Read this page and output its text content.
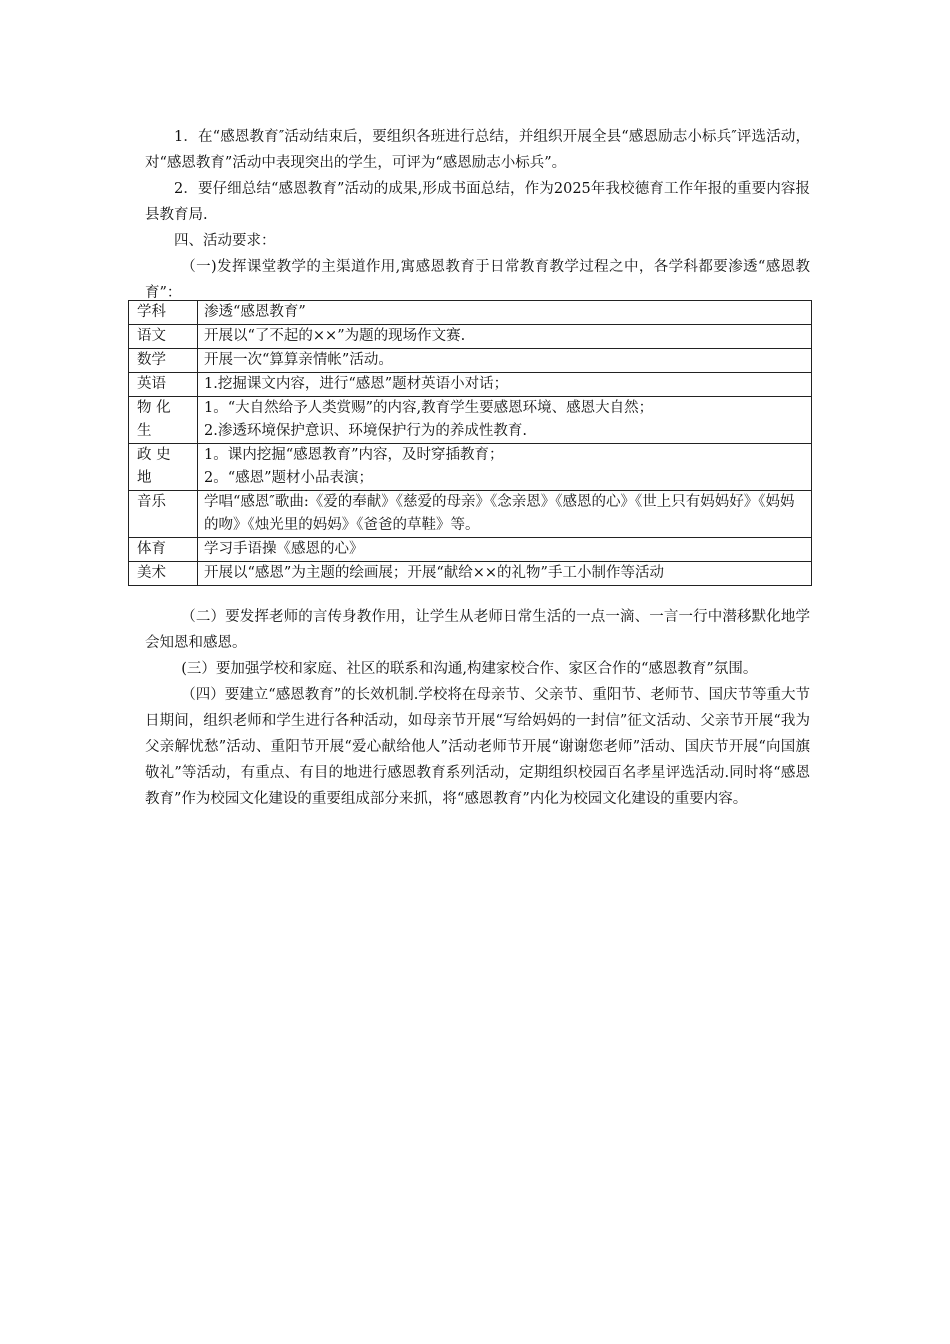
1．在“感恩教育″活动结束后，要组织各班进行总结，并组织开展全县“感恩励志小标兵″评选活动，对“感恩教育”活动中表现突出的学生，可评为“感恩励志小标兵”。

2．要仔细总结“感恩教育”活动的成果,形成书面总结，作为2025年我校德育工作年报的重要内容报县教育局.

四、活动要求：

（一)发挥课堂教学的主渠道作用,寓感恩教育于日常教育教学过程之中，各学科都要渗透“感恩教育”：

学科	渗透“感恩教育”
语文	开展以“了不起的××”为题的现场作文赛.

数学	开展一次“算算亲情帐”活动。

英语	1.挖掘课文内容，进行“感恩”题材英语小对话；

物 化 生	1。“大自然给予人类赏赐”的内容,教育学生要感恩环境、感恩大自然；
2.渗透环境保护意识、环境保护行为的养成性教育.

政 史 地	1。课内挖掘“感恩教育”内容，及时穿插教育；
2。“感恩”题材小品表演；

音乐	学唱“感恩″歌曲:《爱的奉献》《慈爱的母亲》《念亲恩》《感恩的心》《世上只有妈妈好》《妈妈的吻》《烛光里的妈妈》《爸爸的草鞋》等。

体育	学习手语操《感恩的心》

美术	开展以“感恩”为主题的绘画展；开展“献给××的礼物”手工小制作等活动

（二）要发挥老师的言传身教作用，让学生从老师日常生活的一点一滴、一言一行中潜移默化地学会知恩和感恩。

(三）要加强学校和家庭、社区的联系和沟通,构建家校合作、家区合作的“感恩教育”氛围。

（四）要建立“感恩教育”的长效机制.学校将在母亲节、父亲节、重阳节、老师节、国庆节等重大节日期间，组织老师和学生进行各种活动，如母亲节开展“写给妈妈的一封信”征文活动、父亲节开展“我为父亲解忧愁”活动、重阳节开展“爱心献给他人”活动老师节开展“谢谢您老师”活动、国庆节开展“向国旗敬礼”等活动，有重点、有目的地进行感恩教育系列活动，定期组织校园百名孝星评选活动.同时将“感恩教育”作为校园文化建设的重要组成部分来抓，将“感恩教育”内化为校园文化建设的重要内容。
